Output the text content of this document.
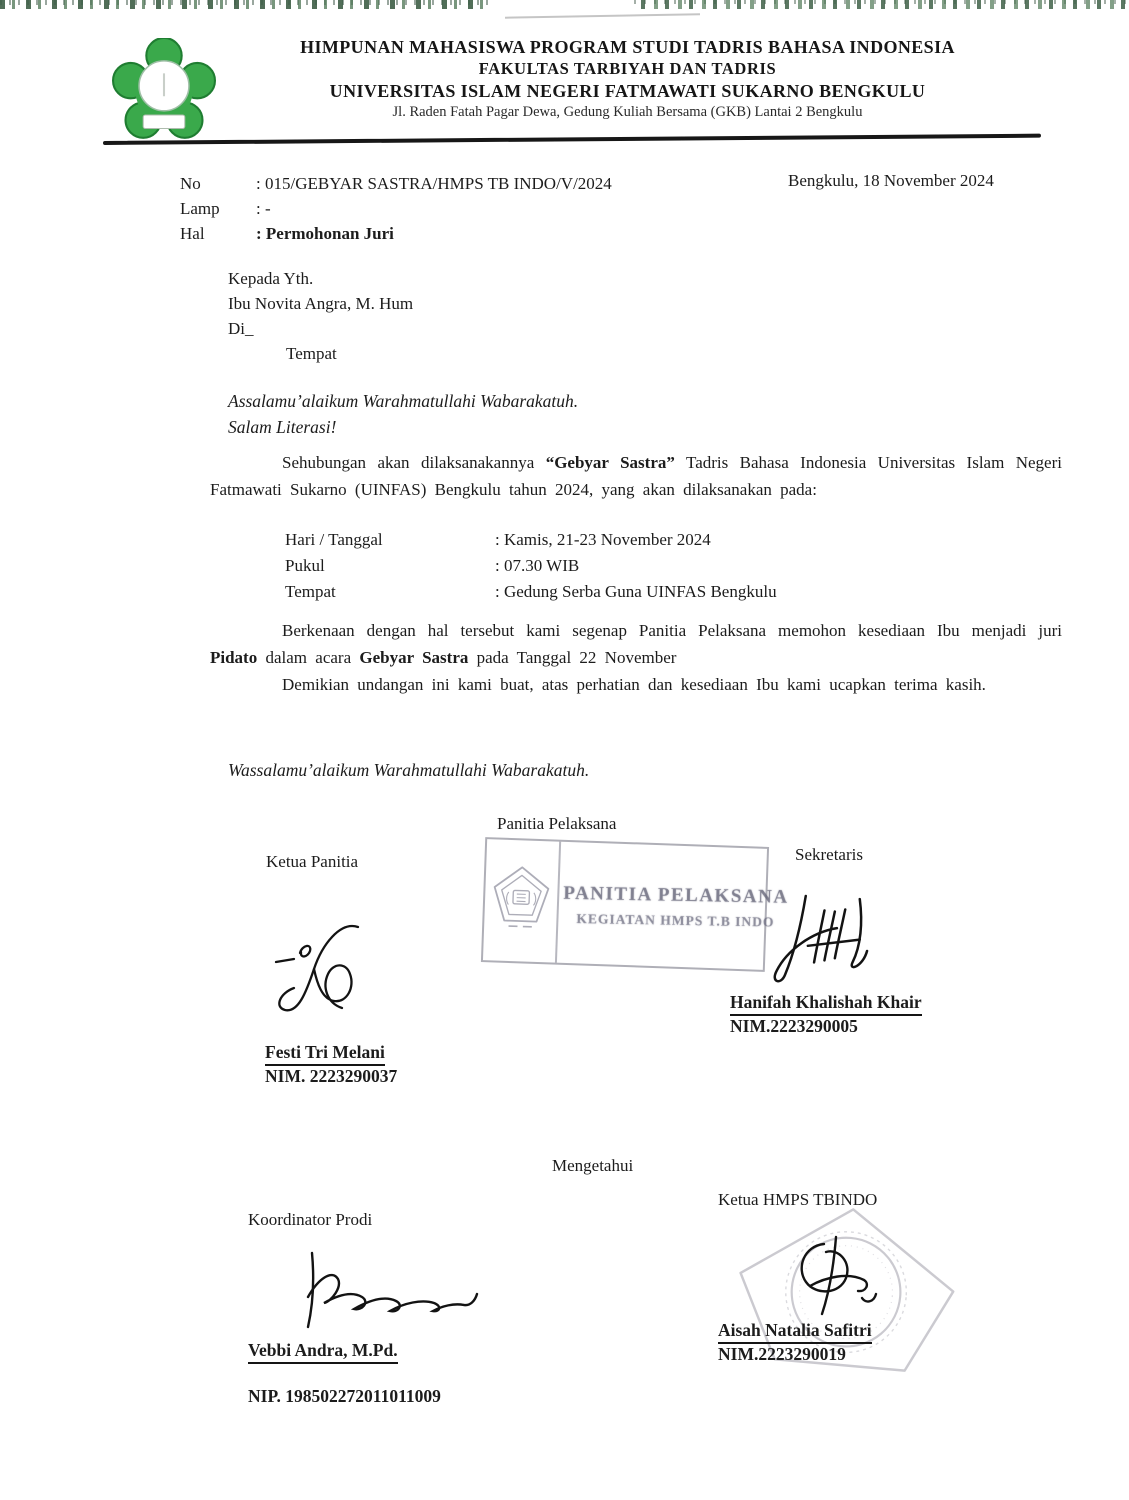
HIMPUNAN MAHASISWA PROGRAM STUDI TADRIS BAHASA INDONESIA
FAKULTAS TARBIYAH DAN TADRIS
UNIVERSITAS ISLAM NEGERI FATMAWATI SUKARNO BENGKULU
Jl. Raden Fatah Pagar Dewa, Gedung Kuliah Bersama (GKB) Lantai 2 Bengkulu
No	: 015/GEBYAR SASTRA/HMPS TB INDO/V/2024
Lamp	: -
Hal	: Permohonan Juri
Bengkulu, 18 November 2024
Kepada Yth.
Ibu Novita Angra, M. Hum
Di_
Tempat
Assalamu’alaikum Warahmatullahi Wabarakatuh.
Salam Literasi!
Sehubungan akan dilaksanakannya “Gebyar Sastra” Tadris Bahasa Indonesia Universitas Islam Negeri Fatmawati Sukarno (UINFAS) Bengkulu tahun 2024, yang akan dilaksanakan pada:
Hari / Tanggal	: Kamis, 21-23 November 2024
Pukul	: 07.30 WIB
Tempat	: Gedung Serba Guna UINFAS Bengkulu
Berkenaan dengan hal tersebut kami segenap Panitia Pelaksana memohon kesediaan Ibu menjadi juri Pidato dalam acara Gebyar Sastra pada Tanggal 22 November
Demikian undangan ini kami buat, atas perhatian dan kesediaan Ibu kami ucapkan terima kasih.
Wassalamu’alaikum Warahmatullahi Wabarakatuh.
Panitia Pelaksana
Ketua Panitia	Sekretaris
PANITIA PELAKSANA
KEGIATAN HMPS T.B INDO
Festi Tri Melani
NIM. 2223290037
Hanifah Khalishah Khair
NIM.2223290005
Mengetahui
Koordinator Prodi
Ketua HMPS TBINDO
Vebbi Andra, M.Pd.
NIP. 198502272011011009
Aisah Natalia Safitri
NIM.2223290019
